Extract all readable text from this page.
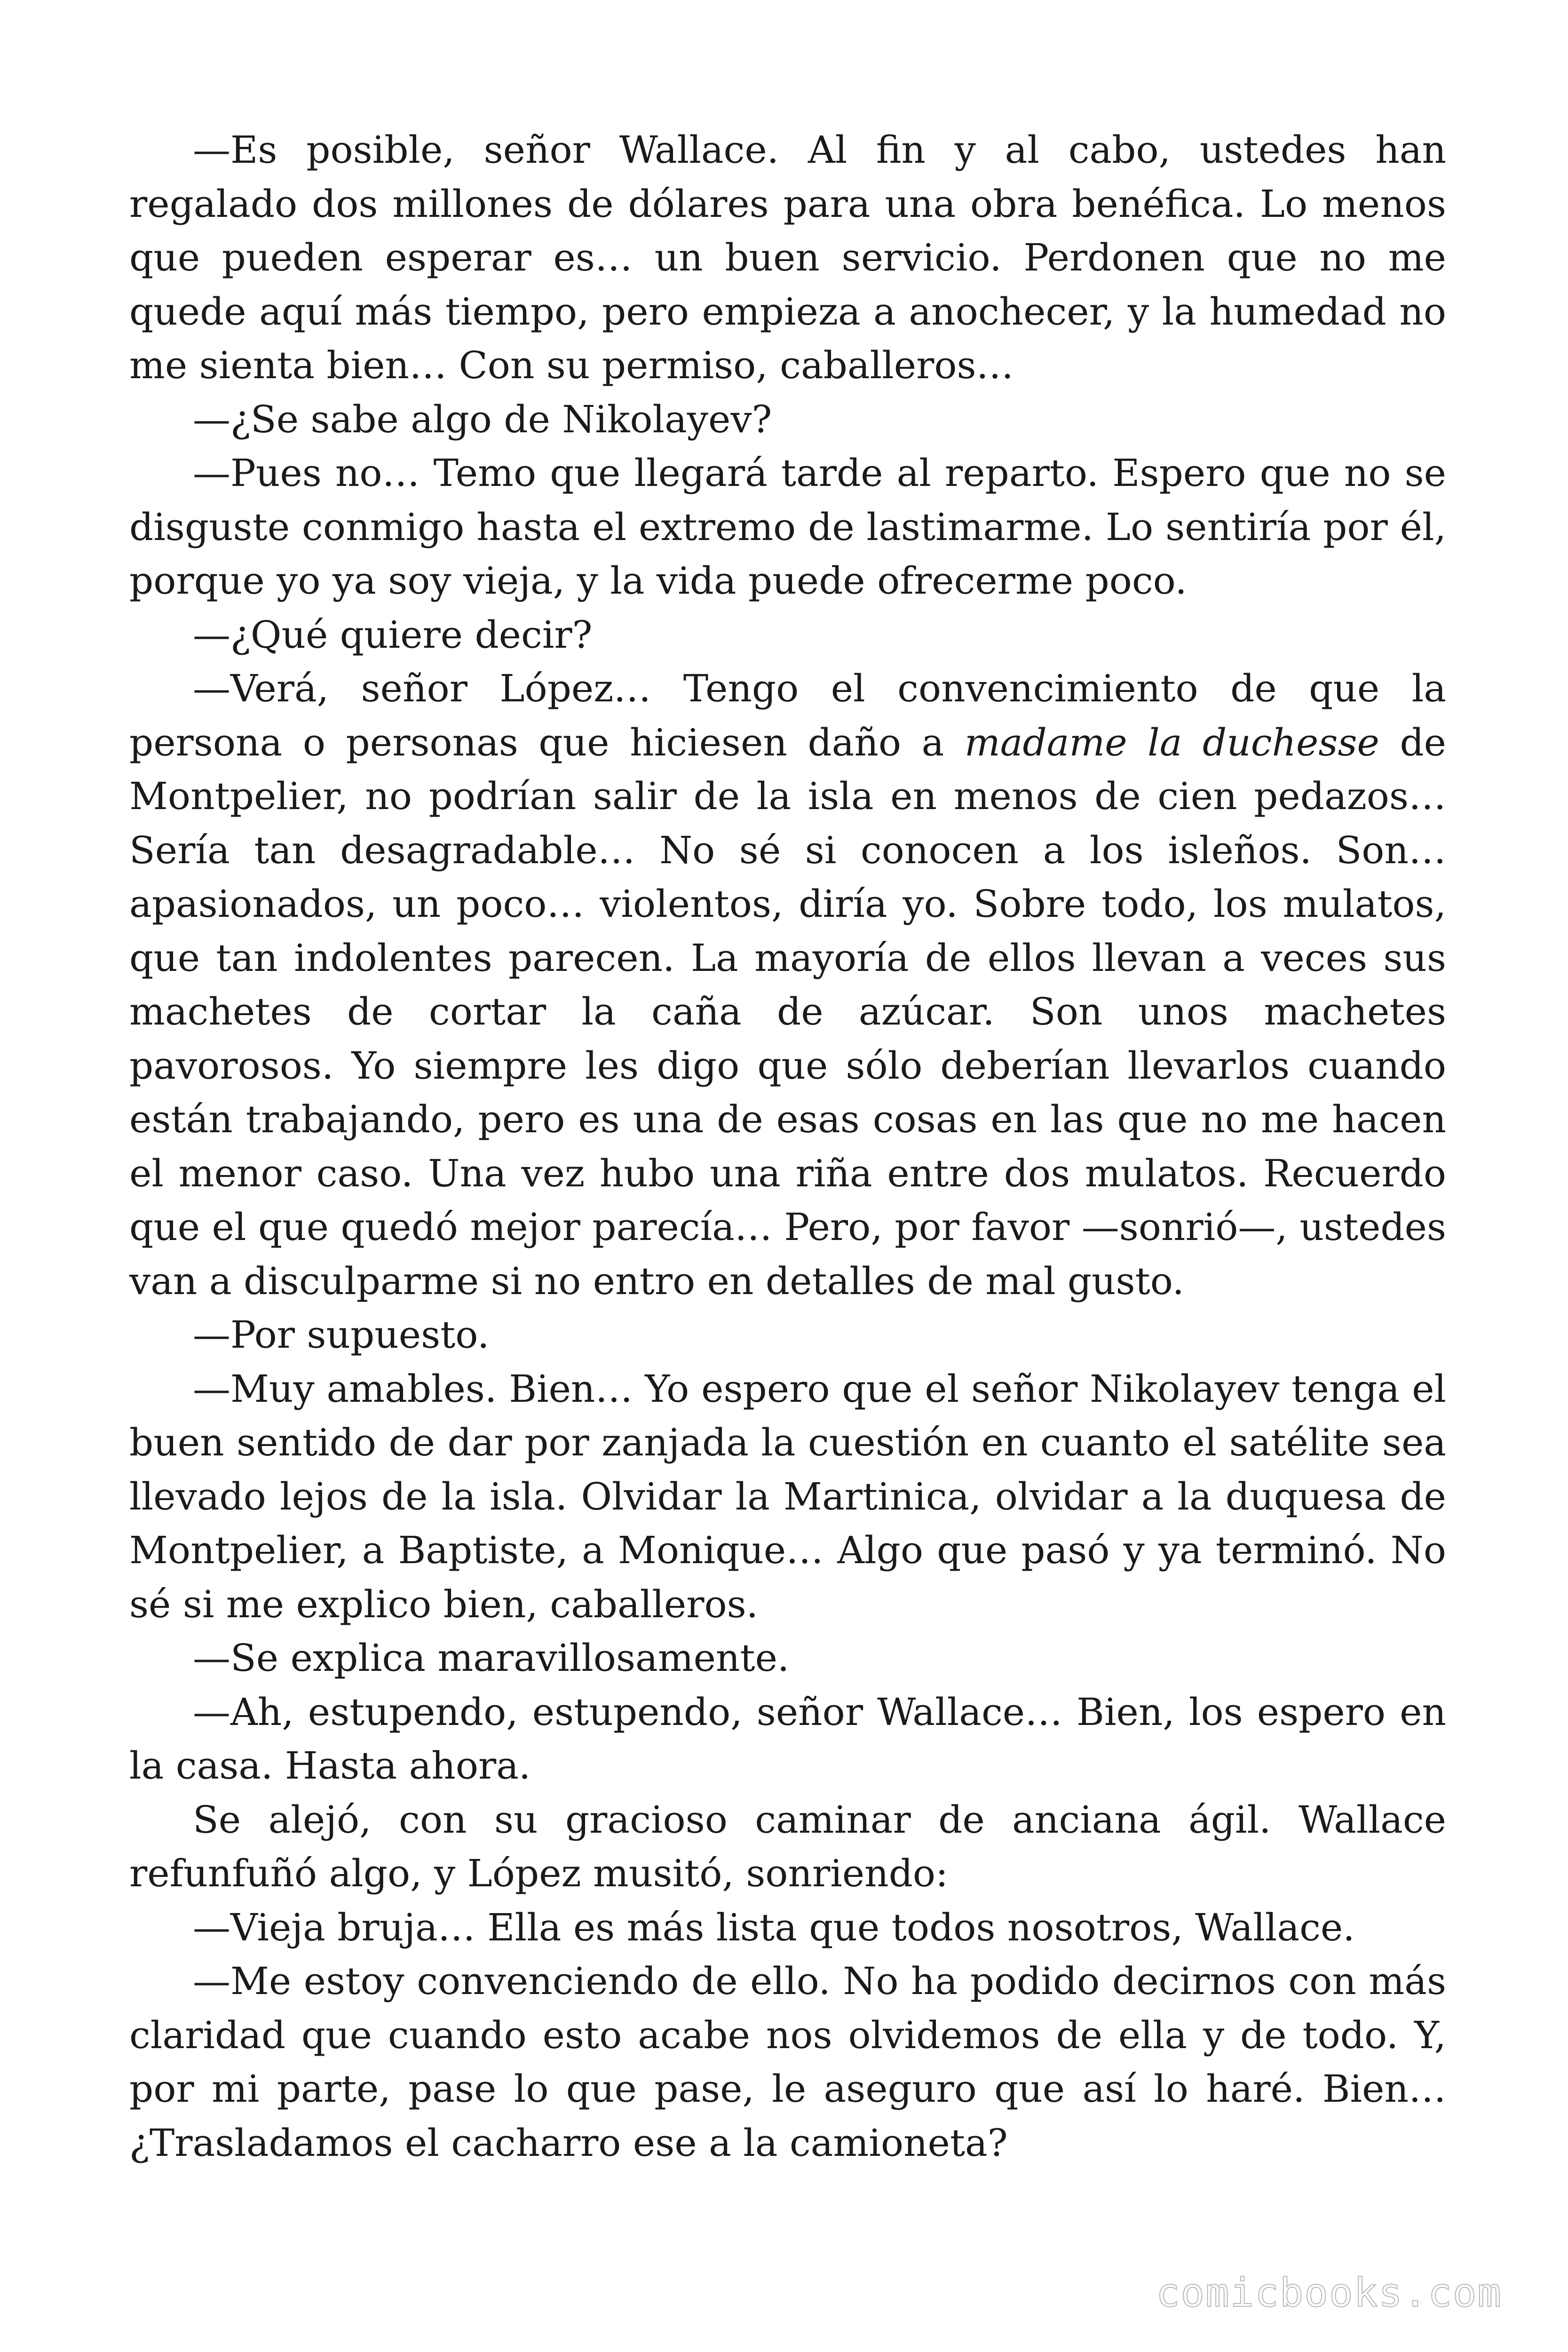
—Es posible, señor Wallace. Al fin y al cabo, ustedes han regalado dos millones de dólares para una obra benéfica. Lo menos que pueden esperar es… un buen servicio. Perdonen que no me quede aquí más tiempo, pero empieza a anochecer, y la humedad no me sienta bien… Con su permiso, caballeros…

—¿Se sabe algo de Nikolayev?

—Pues no… Temo que llegará tarde al reparto. Espero que no se disguste conmigo hasta el extremo de lastimarme. Lo sentiría por él, porque yo ya soy vieja, y la vida puede ofrecerme poco.

—¿Qué quiere decir?

—Verá, señor López… Tengo el convencimiento de que la persona o personas que hiciesen daño a madame la duchesse de Montpelier, no podrían salir de la isla en menos de cien pedazos… Sería tan desagradable… No sé si conocen a los isleños. Son… apasionados, un poco… violentos, diría yo. Sobre todo, los mulatos, que tan indolentes parecen. La mayoría de ellos llevan a veces sus machetes de cortar la caña de azúcar. Son unos machetes pavorosos. Yo siempre les digo que sólo deberían llevarlos cuando están trabajando, pero es una de esas cosas en las que no me hacen el menor caso. Una vez hubo una riña entre dos mulatos. Recuerdo que el que quedó mejor parecía… Pero, por favor —sonrió—, ustedes van a disculparme si no entro en detalles de mal gusto.

—Por supuesto.

—Muy amables. Bien… Yo espero que el señor Nikolayev tenga el buen sentido de dar por zanjada la cuestión en cuanto el satélite sea llevado lejos de la isla. Olvidar la Martinica, olvidar a la duquesa de Montpelier, a Baptiste, a Monique… Algo que pasó y ya terminó. No sé si me explico bien, caballeros.

—Se explica maravillosamente.

—Ah, estupendo, estupendo, señor Wallace… Bien, los espero en la casa. Hasta ahora.

Se alejó, con su gracioso caminar de anciana ágil. Wallace refunfuñó algo, y López musitó, sonriendo:

—Vieja bruja… Ella es más lista que todos nosotros, Wallace.

—Me estoy convenciendo de ello. No ha podido decirnos con más claridad que cuando esto acabe nos olvidemos de ella y de todo. Y, por mi parte, pase lo que pase, le aseguro que así lo haré. Bien… ¿Trasladamos el cacharro ese a la camioneta?

comicbooks.com
